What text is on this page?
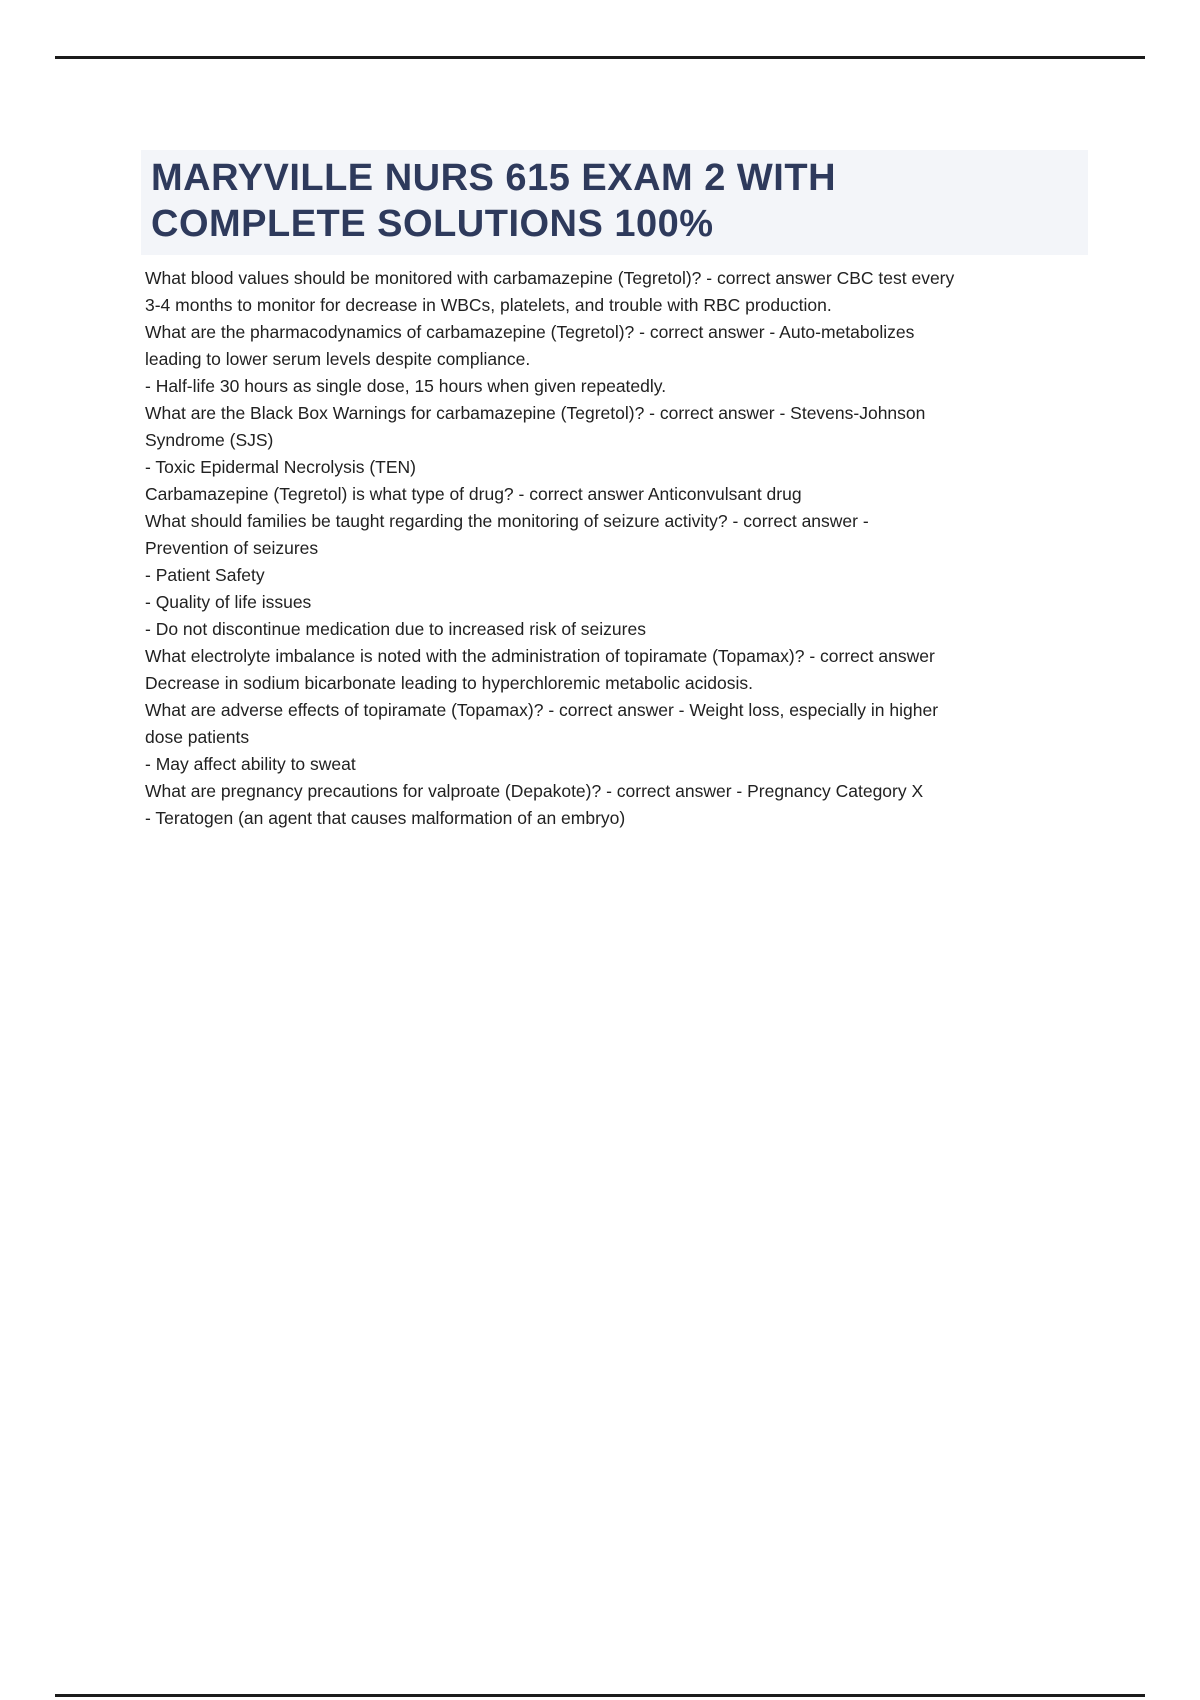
MARYVILLE NURS 615 EXAM 2 WITH
COMPLETE SOLUTIONS 100%

What blood values should be monitored with carbamazepine (Tegretol)? - correct answer CBC test every
3-4 months to monitor for decrease in WBCs, platelets, and trouble with RBC production.

What are the pharmacodynamics of carbamazepine (Tegretol)? - correct answer - Auto-metabolizes
leading to lower serum levels despite compliance.

- Half-life 30 hours as single dose, 15 hours when given repeatedly.

What are the Black Box Warnings for carbamazepine (Tegretol)? - correct answer - Stevens-Johnson
Syndrome (SJS)

- Toxic Epidermal Necrolysis (TEN)

Carbamazepine (Tegretol) is what type of drug? - correct answer Anticonvulsant drug

What should families be taught regarding the monitoring of seizure activity? - correct answer -
Prevention of seizures

- Patient Safety

- Quality of life issues

- Do not discontinue medication due to increased risk of seizures

What electrolyte imbalance is noted with the administration of topiramate (Topamax)? - correct answer
Decrease in sodium bicarbonate leading to hyperchloremic metabolic acidosis.

What are adverse effects of topiramate (Topamax)? - correct answer - Weight loss, especially in higher
dose patients

- May affect ability to sweat

What are pregnancy precautions for valproate (Depakote)? - correct answer - Pregnancy Category X

- Teratogen (an agent that causes malformation of an embryo)
